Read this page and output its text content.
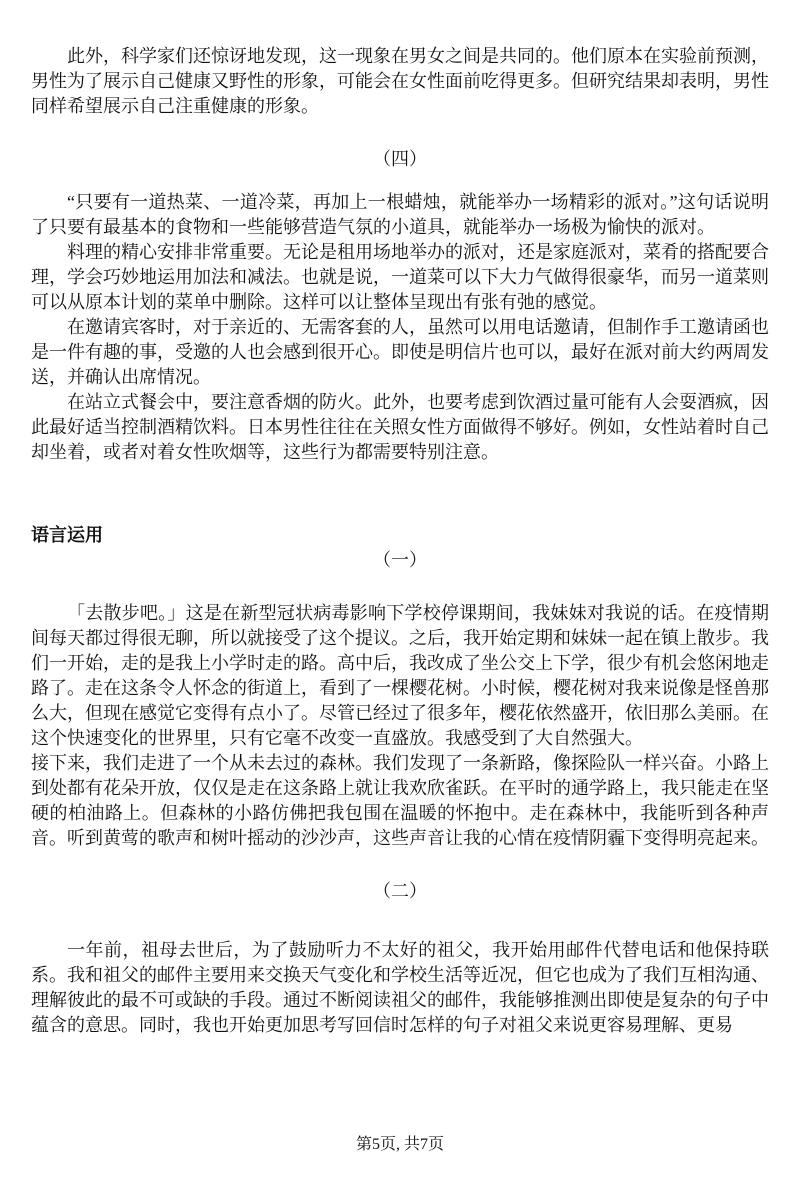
此外，科学家们还惊讶地发现，这一现象在男女之间是共同的。他们原本在实验前预测，男性为了展示自己健康又野性的形象，可能会在女性面前吃得更多。但研究结果却表明，男性同样希望展示自己注重健康的形象。

（四）

“只要有一道热菜、一道冷菜，再加上一根蜡烛，就能举办一场精彩的派对。”这句话说明了只要有最基本的食物和一些能够营造气氛的小道具，就能举办一场极为愉快的派对。

料理的精心安排非常重要。无论是租用场地举办的派对，还是家庭派对，菜肴的搭配要合理，学会巧妙地运用加法和减法。也就是说，一道菜可以下大力气做得很豪华，而另一道菜则可以从原本计划的菜单中删除。这样可以让整体呈现出有张有弛的感觉。

在邀请宾客时，对于亲近的、无需客套的人，虽然可以用电话邀请，但制作手工邀请函也是一件有趣的事，受邀的人也会感到很开心。即使是明信片也可以，最好在派对前大约两周发送，并确认出席情况。

在站立式餐会中，要注意香烟的防火。此外，也要考虑到饮酒过量可能有人会耍酒疯，因此最好适当控制酒精饮料。日本男性往往在关照女性方面做得不够好。例如，女性站着时自己却坐着，或者对着女性吹烟等，这些行为都需要特别注意。

语言运用

（一）

「去散步吧。」这是在新型冠状病毒影响下学校停课期间，我妹妹对我说的话。在疫情期间每天都过得很无聊，所以就接受了这个提议。之后，我开始定期和妹妹一起在镇上散步。我们一开始，走的是我上小学时走的路。高中后，我改成了坐公交上下学，很少有机会悠闲地走路了。走在这条令人怀念的街道上，看到了一棵樱花树。小时候，樱花树对我来说像是怪兽那么大，但现在感觉它变得有点小了。尽管已经过了很多年，樱花依然盛开，依旧那么美丽。在这个快速变化的世界里，只有它毫不改变一直盛放。我感受到了大自然强大。

接下来，我们走进了一个从未去过的森林。我们发现了一条新路，像探险队一样兴奋。小路上到处都有花朵开放，仅仅是走在这条路上就让我欢欣雀跃。在平时的通学路上，我只能走在坚硬的柏油路上。但森林的小路仿佛把我包围在温暖的怀抱中。走在森林中，我能听到各种声音。听到黄莺的歌声和树叶摇动的沙沙声，这些声音让我的心情在疫情阴霾下变得明亮起来。

（二）

一年前，祖母去世后，为了鼓励听力不太好的祖父，我开始用邮件代替电话和他保持联系。我和祖父的邮件主要用来交换天气变化和学校生活等近况，但它也成为了我们互相沟通、理解彼此的最不可或缺的手段。通过不断阅读祖父的邮件，我能够推测出即使是复杂的句子中蕴含的意思。同时，我也开始更加思考写回信时怎样的句子对祖父来说更容易理解、更易

第5页, 共7页
